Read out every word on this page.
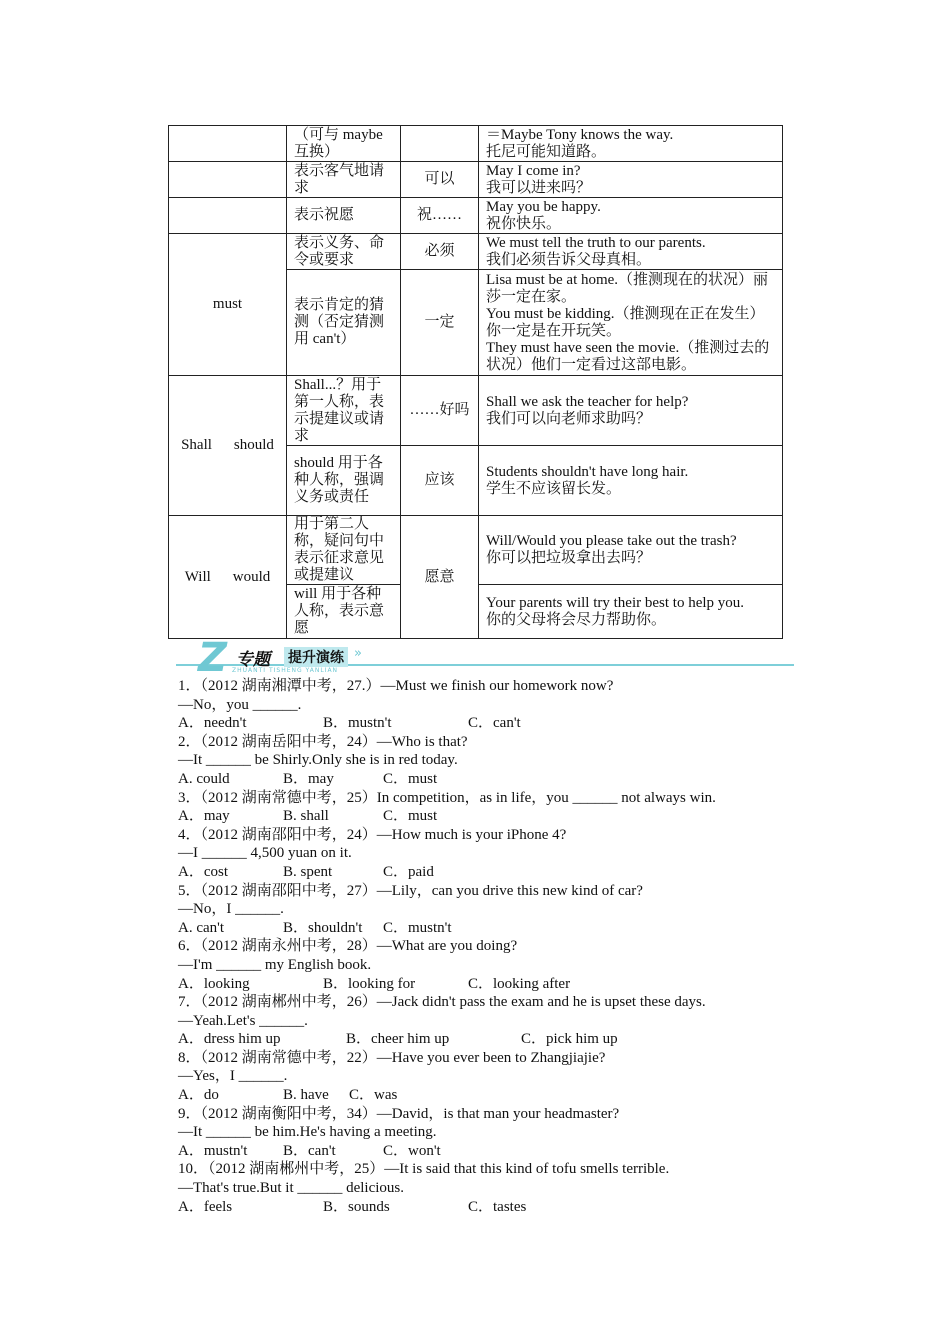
	（可与 maybe 互换）		＝Maybe Tony knows the way.
托尼可能知道路。
	表示客气地请求	可以	May I come in?
我可以进来吗？
	表示祝愿	祝……	May you be happy.
祝你快乐。
must	表示义务、命令或要求	必须	We must tell the truth to our parents.
我们必须告诉父母真相。
	表示肯定的猜测（否定猜测用 can't）	一定	Lisa must be at home.（推测现在的状况）丽莎一定在家。
You must be kidding.（推测现在正在发生）你一定是在开玩笑。
They must have seen the movie.（推测过去的状况）他们一定看过这部电影。
Shall should	Shall...？用于第一人称，表示提建议或请求	……好吗	Shall we ask the teacher for help?
我们可以向老师求助吗？
	should 用于各种人称，强调义务或责任	应该	Students shouldn't have long hair.
学生不应该留长发。
Will would	用于第二人称，疑问句中表示征求意见或提建议	愿意	Will/Would you please take out the trash?
你可以把垃圾拿出去吗？
	will 用于各种人称，表示意愿		Your parents will try their best to help you.
你的父母将会尽力帮助你。
Z 专题 提升演练 »
ZHUANTI TISHENG YANLIAN
1．（2012 湖南湘潭中考，27.）—Must we finish our homework now?
—No，you ______.
A．needn't	B．mustn't	C．can't
2．（2012 湖南岳阳中考，24）—Who is that?
—It ______ be Shirly.Only she is in red today.
A. could	B．may	C．must
3．（2012 湖南常德中考，25）In competition，as in life，you ______ not always win.
A．may	B. shall	C．must
4．（2012 湖南邵阳中考，24）—How much is your iPhone 4?
—I ______ 4,500 yuan on it.
A．cost	B. spent	C．paid
5．（2012 湖南邵阳中考，27）—Lily，can you drive this new kind of car?
—No，I ______.
A. can't	B．shouldn't C．mustn't
6．（2012 湖南永州中考，28）—What are you doing?
—I'm ______ my English book.
A．looking	B．looking for	C．looking after
7．（2012 湖南郴州中考，26）—Jack didn't pass the exam and he is upset these days.
—Yeah.Let's ______.
A．dress him up	B．cheer him up	C．pick him up
8．（2012 湖南常德中考，22）—Have you ever been to Zhangjiajie?
—Yes，I ______.
A．do	B. have C．was
9．（2012 湖南衡阳中考，34）—David，is that man your headmaster?
—It ______ be him.He's having a meeting.
A．mustn't B．can't	C．won't
10．（2012 湖南郴州中考，25）—It is said that this kind of tofu smells terrible.
—That's true.But it ______ delicious.
A．feels	B．sounds	C．tastes
